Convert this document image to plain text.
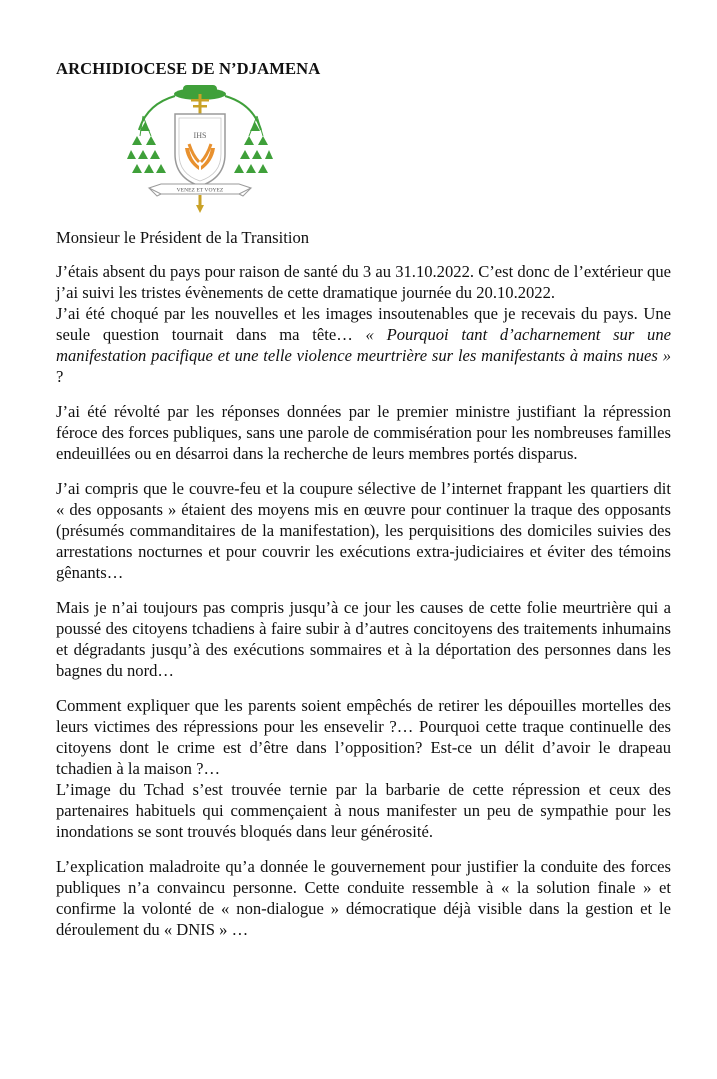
ARCHIDIOCESE DE N’DJAMENA

IHS
VENEZ ET VOYEZ

Monsieur le Président de la Transition

J’étais absent du pays pour raison de santé du 3 au 31.10.2022. C’est donc de l’extérieur que j’ai suivi les tristes évènements de cette dramatique journée du 20.10.2022.

J’ai été choqué par les nouvelles et les images insoutenables que je recevais du pays. Une seule question tournait dans ma tête… « Pourquoi tant d’acharnement sur une manifestation pacifique et une telle violence meurtrière sur les manifestants à mains nues » ?

J’ai été révolté par les réponses données par le premier ministre justifiant la répression féroce des forces publiques, sans une parole de commisération pour les nombreuses familles endeuillées ou en désarroi dans la recherche de leurs membres portés disparus.

J’ai compris que le couvre-feu et la coupure sélective de l’internet frappant les quartiers dit « des opposants » étaient des moyens mis en œuvre pour continuer la traque des opposants (présumés commanditaires de la manifestation), les perquisitions des domiciles suivies des arrestations nocturnes et pour couvrir les exécutions extra-judiciaires et éviter des témoins gênants…

Mais je n’ai toujours pas compris jusqu’à ce jour les causes de cette folie meurtrière qui a poussé des citoyens tchadiens à faire subir à d’autres concitoyens des traitements inhumains et dégradants jusqu’à des exécutions sommaires et à la déportation des personnes dans les bagnes du nord…

Comment expliquer que les parents soient empêchés de retirer les dépouilles mortelles des leurs victimes des répressions pour les ensevelir ?… Pourquoi cette traque continuelle des citoyens dont le crime est d’être dans l’opposition? Est-ce un délit d’avoir le drapeau tchadien à la maison ?…

L’image du Tchad s’est trouvée ternie par la barbarie de cette répression et ceux des partenaires habituels qui commençaient à nous manifester un peu de sympathie pour les inondations se sont trouvés bloqués dans leur générosité.

L’explication maladroite qu’a donnée le gouvernement pour justifier la conduite des forces publiques n’a convaincu personne. Cette conduite ressemble à « la solution finale » et confirme la volonté de « non-dialogue » démocratique déjà visible dans la gestion et le déroulement du « DNIS » …
